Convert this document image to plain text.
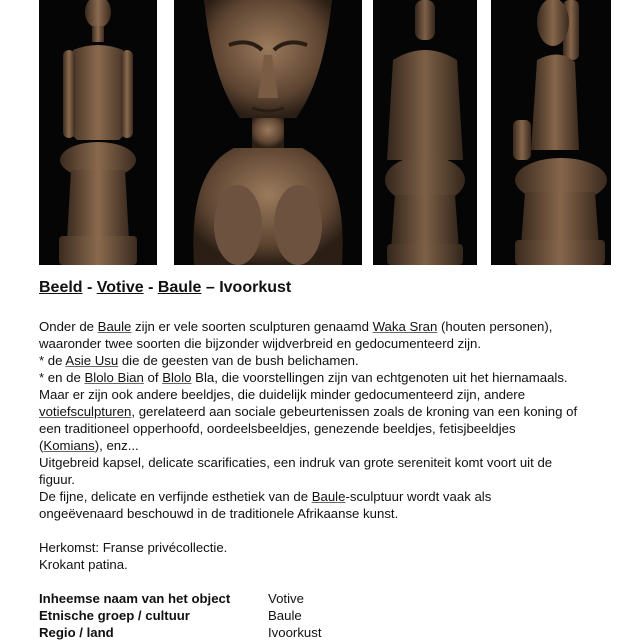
Beeld - Votive - Baule – Ivoorkust
Onder de Baule zijn er vele soorten sculpturen genaamd Waka Sran (houten personen),
waaronder twee soorten die bijzonder wijdverbreid en gedocumenteerd zijn.
* de Asie Usu die de geesten van de bush belichamen.
* en de Blolo Bian of Blolo Bla, die voorstellingen zijn van echtgenoten uit het hiernamaals.
Maar er zijn ook andere beeldjes, die duidelijk minder gedocumenteerd zijn, andere
votiefsculpturen, gerelateerd aan sociale gebeurtenissen zoals de kroning van een koning of
een traditioneel opperhoofd, oordeelsbeeldjes, genezende beeldjes, fetisjbeeldjes
(Komians), enz...
Uitgebreid kapsel, delicate scarificaties, een indruk van grote sereniteit komt voort uit de
figuur.
De fijne, delicate en verfijnde esthetiek van de Baule-sculptuur wordt vaak als
ongeëvenaard beschouwd in de traditionele Afrikaanse kunst.
Herkomst: Franse privécollectie.
Krokant patina.
Inheemse naam van het object	Votive
Etnische groep / cultuur	Baule
Regio / land	Ivoorkust
